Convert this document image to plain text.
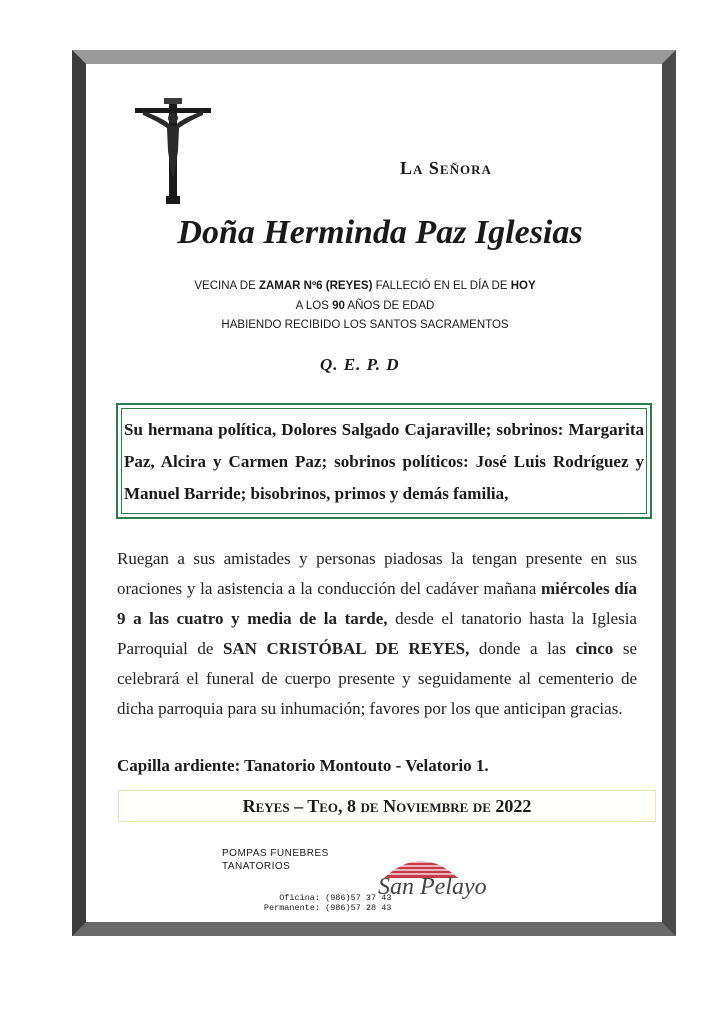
La Señora
Doña Herminda Paz Iglesias
VECINA DE ZAMAR Nº6 (REYES) FALLECIÓ EN EL DÍA DE HOY
A LOS 90 AÑOS DE EDAD
HABIENDO RECIBIDO LOS SANTOS SACRAMENTOS
Q. E. P. D
Su hermana política, Dolores Salgado Cajaraville; sobrinos: Margarita Paz, Alcira y Carmen Paz; sobrinos políticos: José Luis Rodríguez y Manuel Barride; bisobrinos, primos y demás familia,
Ruegan a sus amistades y personas piadosas la tengan presente en sus oraciones y la asistencia a la conducción del cadáver mañana miércoles día 9 a las cuatro y media de la tarde, desde el tanatorio hasta la Iglesia Parroquial de SAN CRISTÓBAL DE REYES, donde a las cinco se celebrará el funeral de cuerpo presente y seguidamente al cementerio de dicha parroquia para su inhumación; favores por los que anticipan gracias.
Capilla ardiente: Tanatorio Montouto - Velatorio 1.
Reyes – Teo, 8 de Noviembre de 2022
POMPAS FUNEBRES
TANATORIOS
Oficina: (986)57 37 43
Permanente: (986)57 28 43
San Pelayo
